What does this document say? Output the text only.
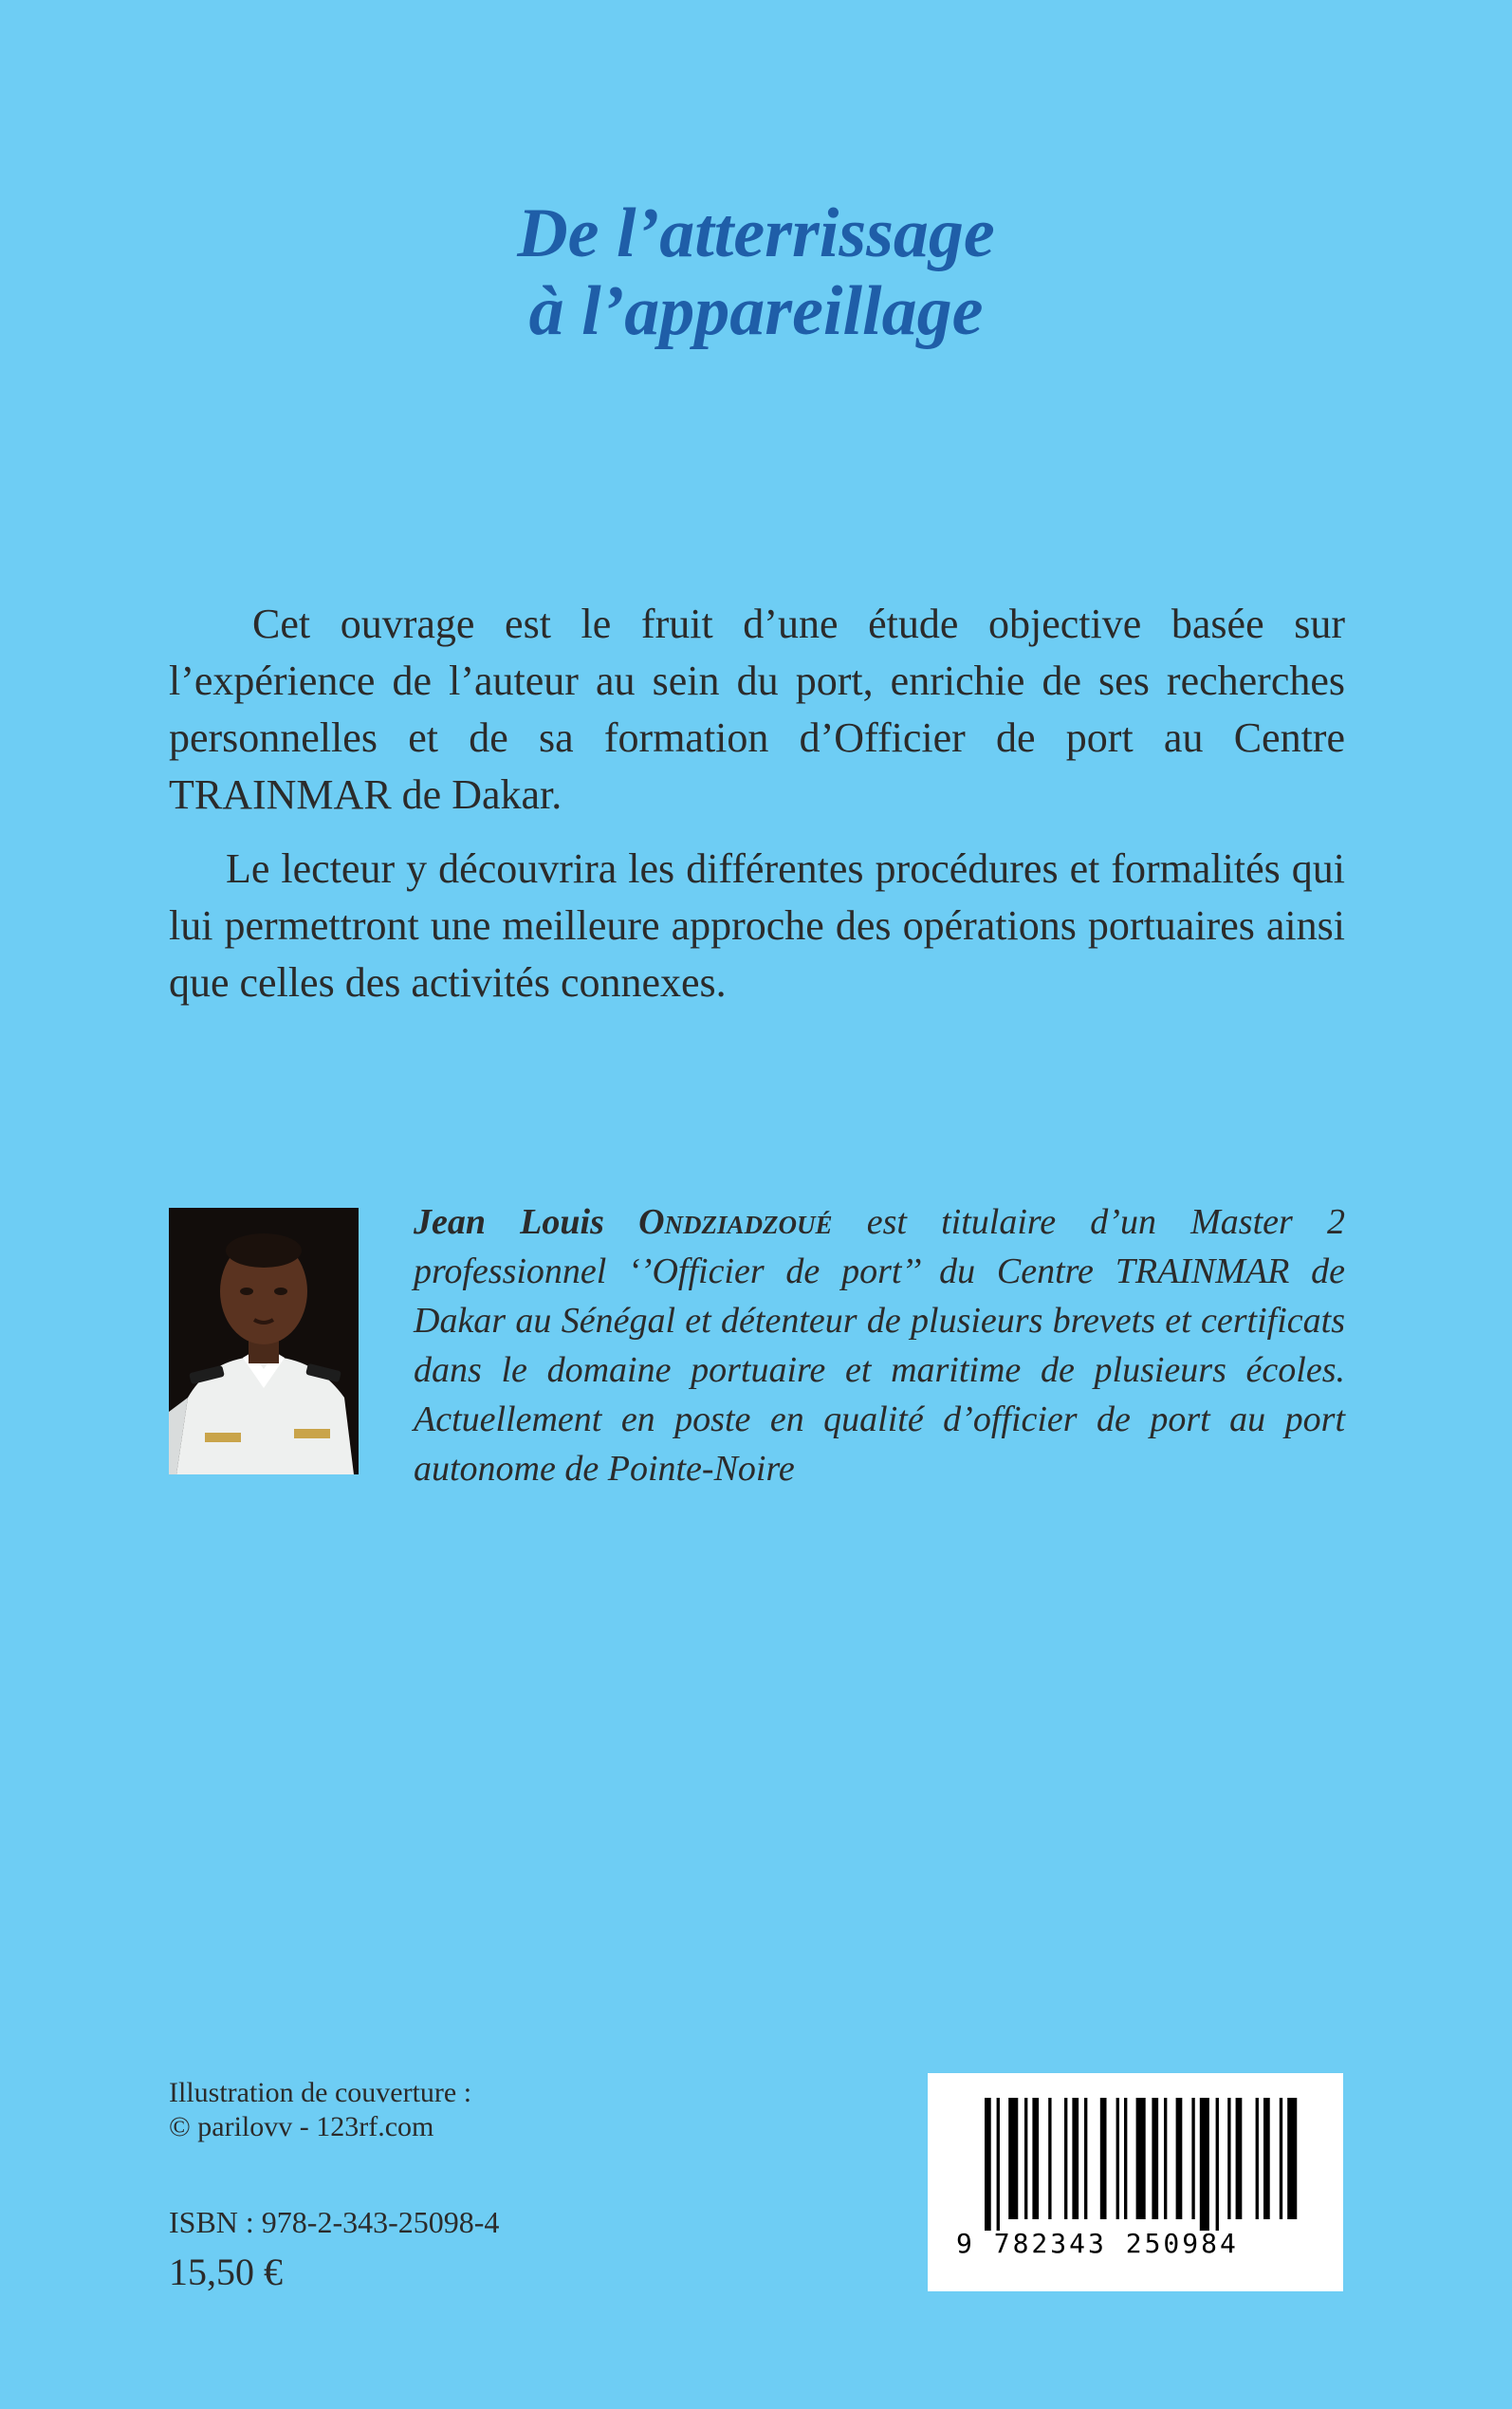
De l’atterrissage
à l’appareillage

Cet ouvrage est le fruit d’une étude objective basée sur l’expérience de l’auteur au sein du port, enrichie de ses recherches personnelles et de sa formation d’Officier de port au Centre TRAINMAR de Dakar.

Le lecteur y découvrira les différentes procédures et formalités qui lui permettront une meilleure approche des opérations portuaires ainsi que celles des activités connexes.

Jean Louis Ondziadzoué est titulaire d’un Master 2 professionnel ‘’Officier de port’’ du Centre TRAINMAR de Dakar au Sénégal et détenteur de plusieurs brevets et certificats dans le domaine portuaire et maritime de plusieurs écoles. Actuellement en poste en qualité d’officier de port au port autonome de Pointe-Noire

Illustration de couverture :
© parilovv - 123rf.com
ISBN : 978-2-343-25098-4
15,50 €
9 782343 250984
